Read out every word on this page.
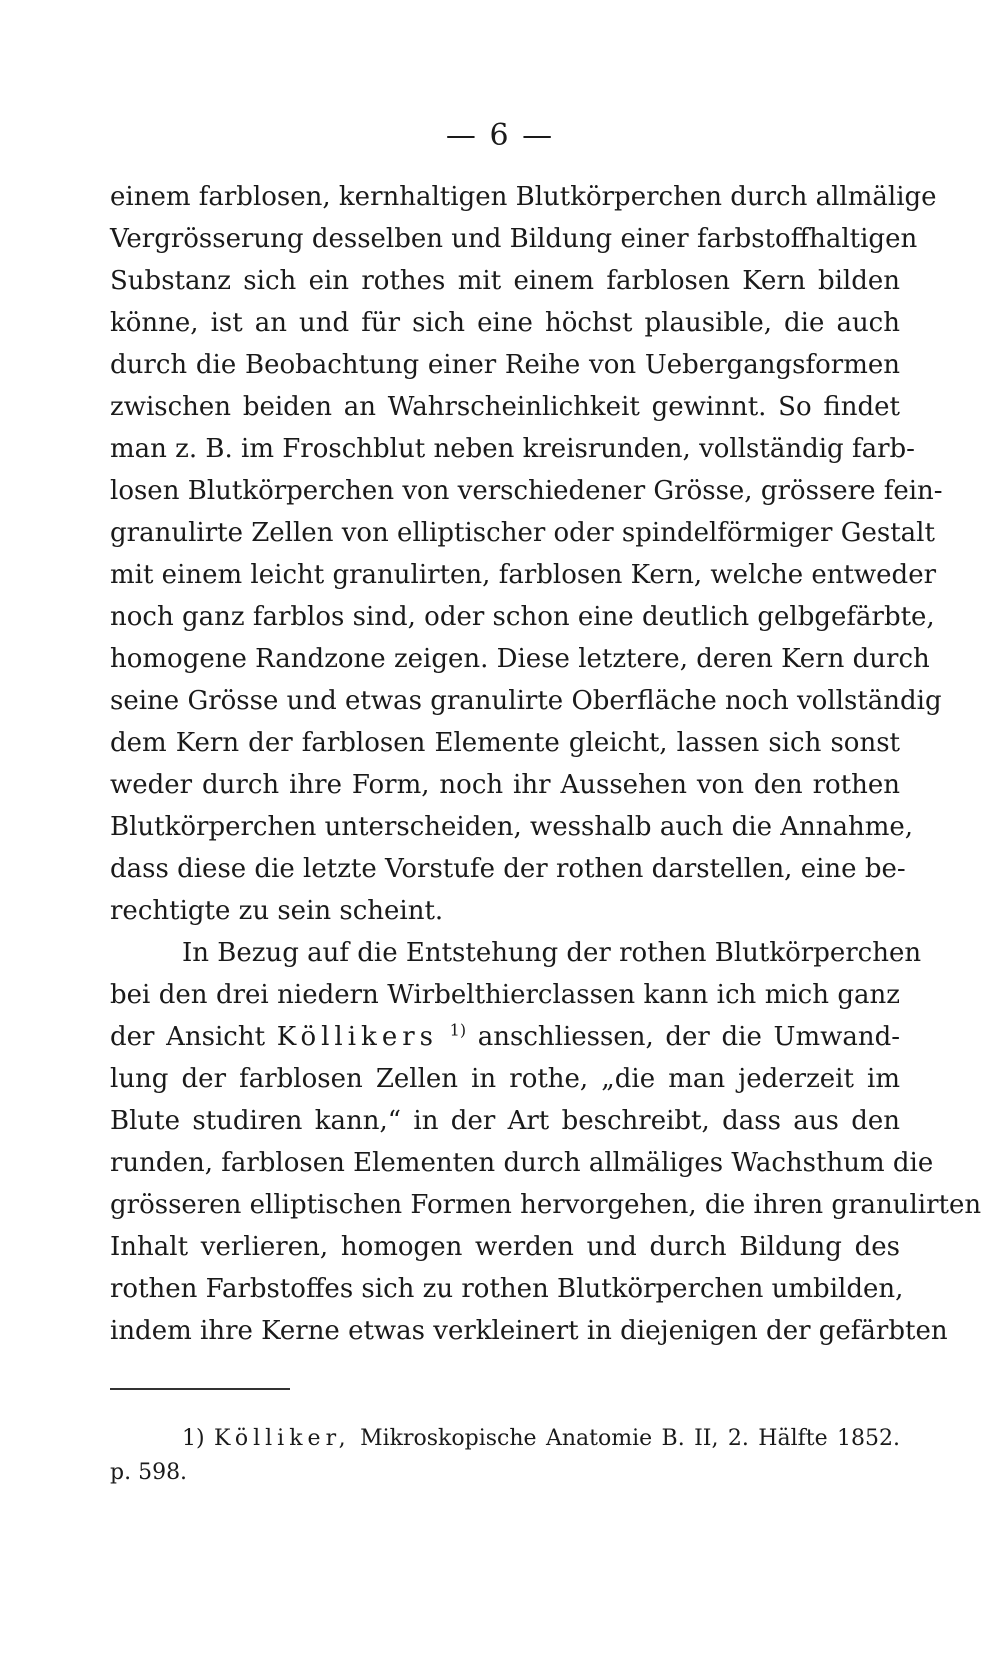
— 6 —
einem farblosen, kernhaltigen Blutkörperchen durch allmälige
Vergrösserung desselben und Bildung einer farbstoffhaltigen
Substanz sich ein rothes mit einem farblosen Kern bilden
könne, ist an und für sich eine höchst plausible, die auch
durch die Beobachtung einer Reihe von Uebergangsformen
zwischen beiden an Wahrscheinlichkeit gewinnt. So findet
man z. B. im Froschblut neben kreisrunden, vollständig farb-
losen Blutkörperchen von verschiedener Grösse, grössere fein-
granulirte Zellen von elliptischer oder spindelförmiger Gestalt
mit einem leicht granulirten, farblosen Kern, welche entweder
noch ganz farblos sind, oder schon eine deutlich gelbgefärbte,
homogene Randzone zeigen. Diese letztere, deren Kern durch
seine Grösse und etwas granulirte Oberfläche noch vollständig
dem Kern der farblosen Elemente gleicht, lassen sich sonst
weder durch ihre Form, noch ihr Aussehen von den rothen
Blutkörperchen unterscheiden, wesshalb auch die Annahme,
dass diese die letzte Vorstufe der rothen darstellen, eine be-
rechtigte zu sein scheint.
In Bezug auf die Entstehung der rothen Blutkörperchen
bei den drei niedern Wirbelthierclassen kann ich mich ganz
der Ansicht Köllikers $^{1)}$ anschliessen, der die Umwand-
lung der farblosen Zellen in rothe, „die man jederzeit im
Blute studiren kann,“ in der Art beschreibt, dass aus den
runden, farblosen Elementen durch allmäliges Wachsthum die
grösseren elliptischen Formen hervorgehen, die ihren granulirten
Inhalt verlieren, homogen werden und durch Bildung des
rothen Farbstoffes sich zu rothen Blutkörperchen umbilden,
indem ihre Kerne etwas verkleinert in diejenigen der gefärbten
1) Kölliker, Mikroskopische Anatomie B. II, 2. Hälfte 1852.
p. 598.
